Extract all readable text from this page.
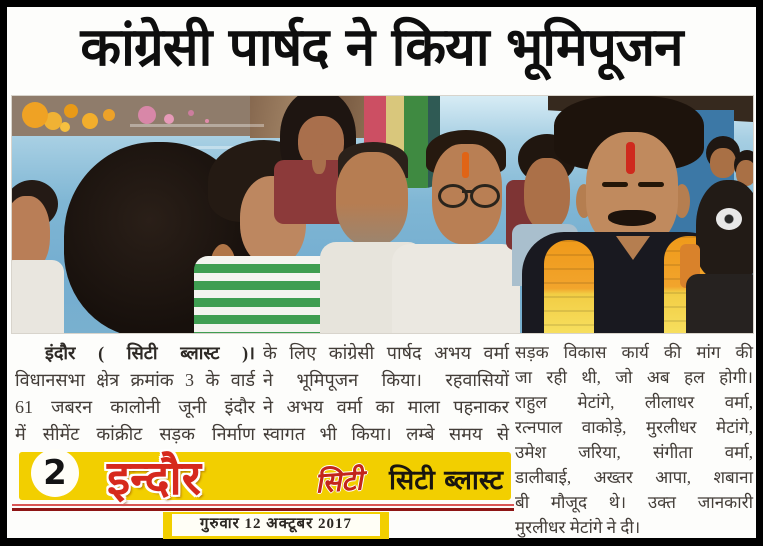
कांग्रेसी पार्षद ने किया भूमिपूजन
इंदौर ( सिटी ब्लास्ट )।
विधानसभा क्षेत्र क्रमांक 3 के वार्ड
61 जबरन कालोनी जूनी इंदौर
में सीमेंट कांक्रीट सड़क निर्माण
के लिए कांग्रेसी पार्षद अभय वर्मा
ने भूमिपूजन किया। रहवासियों
ने अभय वर्मा का माला पहनाकर
स्वागत भी किया। लम्बे समय से
सड़क विकास कार्य की मांग की
जा रही थी, जो अब हल होगी।
राहुल मेटांगे, लीलाधर वर्मा,
रत्नपाल वाकोड़े, मुरलीधर मेटांगे,
उमेश जरिया, संगीता वर्मा,
डालीबाई, अख्तर आपा, शबाना
बी मौजूद थे। उक्त जानकारी
मुरलीधर मेटांगे ने दी।
2 इन्दौर	सिटी सिटी ब्लास्ट
गुरुवार 12 अक्टूबर 2017
